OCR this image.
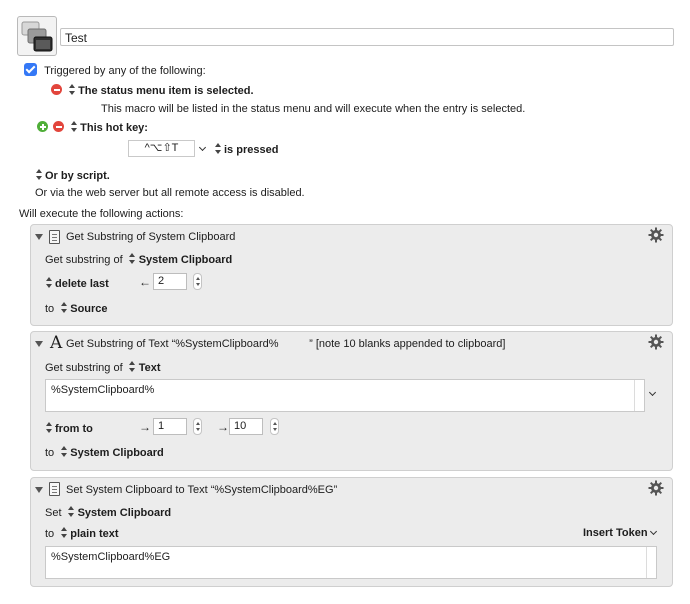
Test
Triggered by any of the following:
The status menu item is selected.
This macro will be listed in the status menu and will execute when the entry is selected.
This hot key:
^⌥⇧T	is pressed
Or by script.
Or via the web server but all remote access is disabled.
Will execute the following actions:
Get Substring of System Clipboard
Get substring of System Clipboard
delete last	← 2
to Source
A Get Substring of Text “%SystemClipboard%          ” [note 10 blanks appended to clipboard]
Get substring of Text
%SystemClipboard%
from to	→ 1	→ 10
to System Clipboard
Set System Clipboard to Text “%SystemClipboard%EG”
Set System Clipboard
to plain text	Insert Token
%SystemClipboard%EG
